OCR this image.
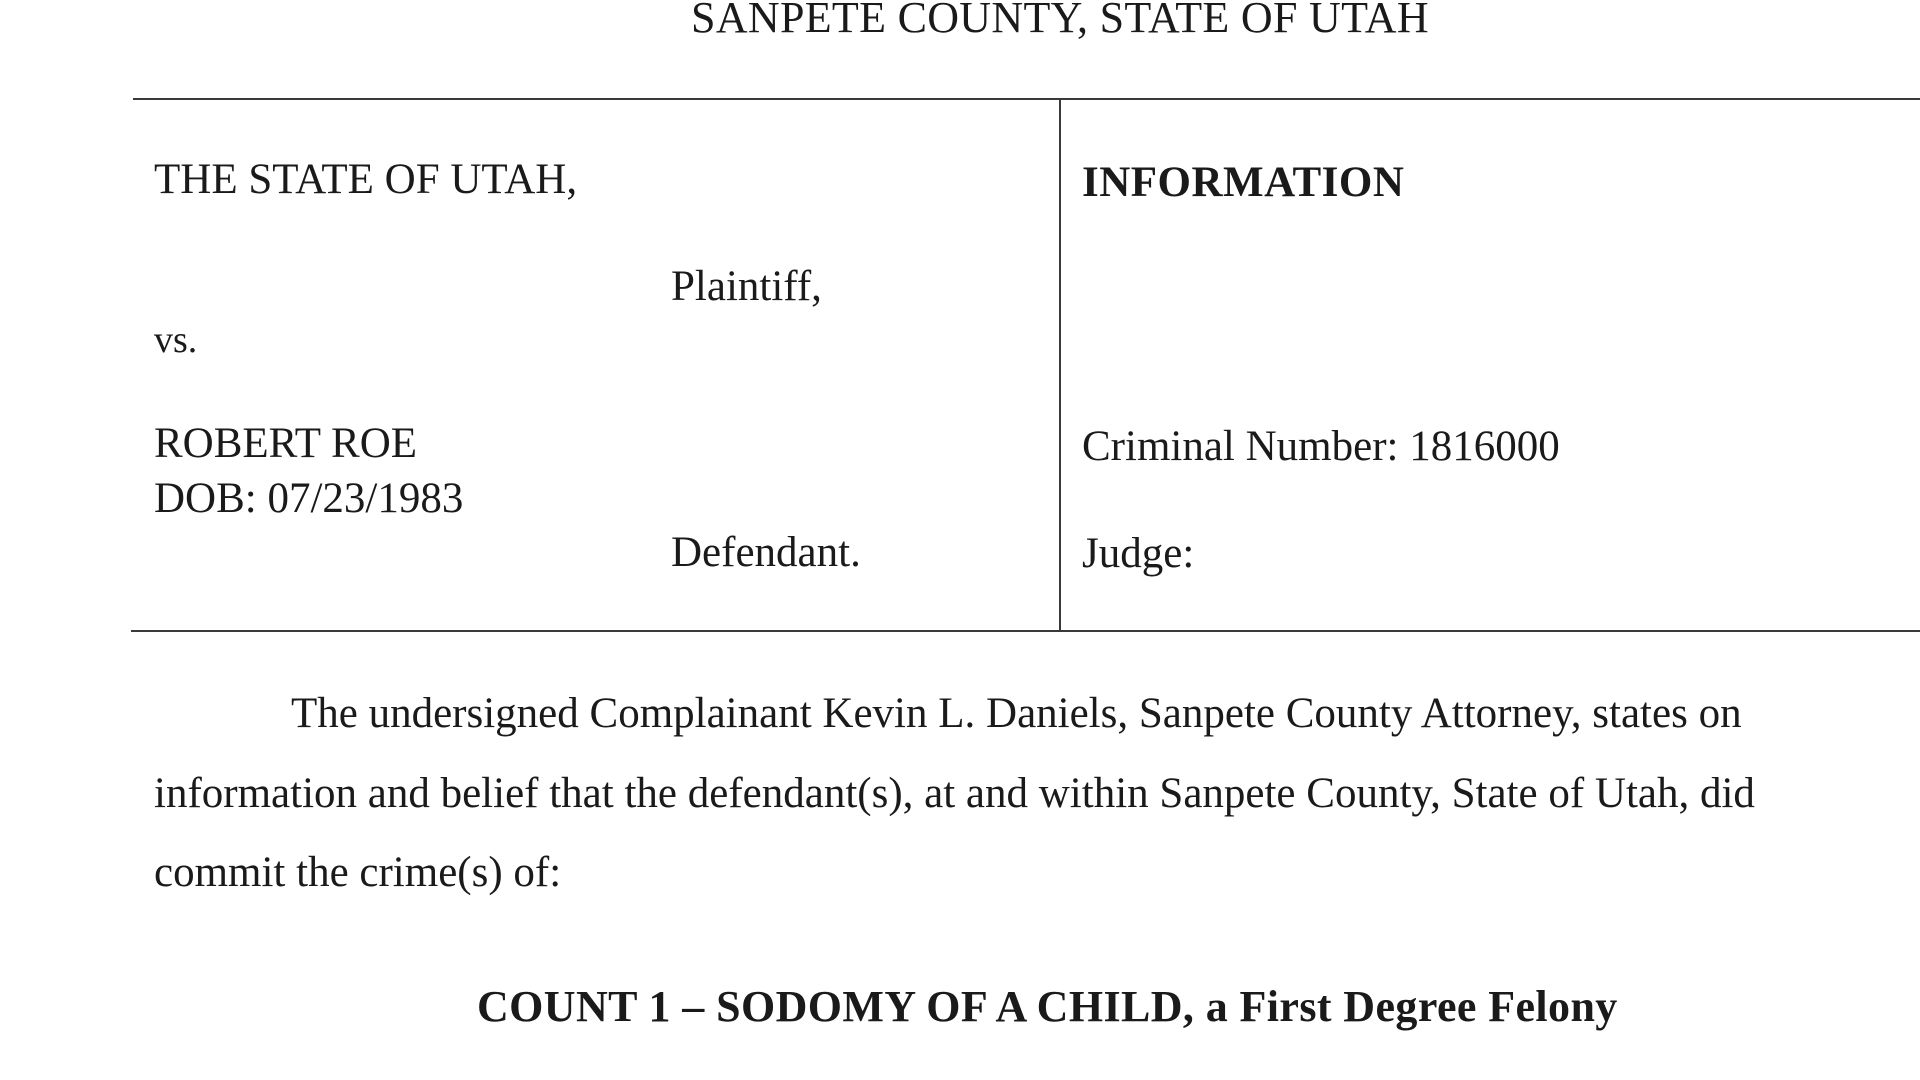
SANPETE COUNTY, STATE OF UTAH
THE STATE OF UTAH,
Plaintiff,
vs.
ROBERT ROE
DOB: 07/23/1983
Defendant.
INFORMATION
Criminal Number: 1816000
Judge:
The undersigned Complainant Kevin L. Daniels, Sanpete County Attorney, states on
information and belief that the defendant(s), at and within Sanpete County, State of Utah, did
commit the crime(s) of:
COUNT 1 – SODOMY OF A CHILD, a First Degree Felony
